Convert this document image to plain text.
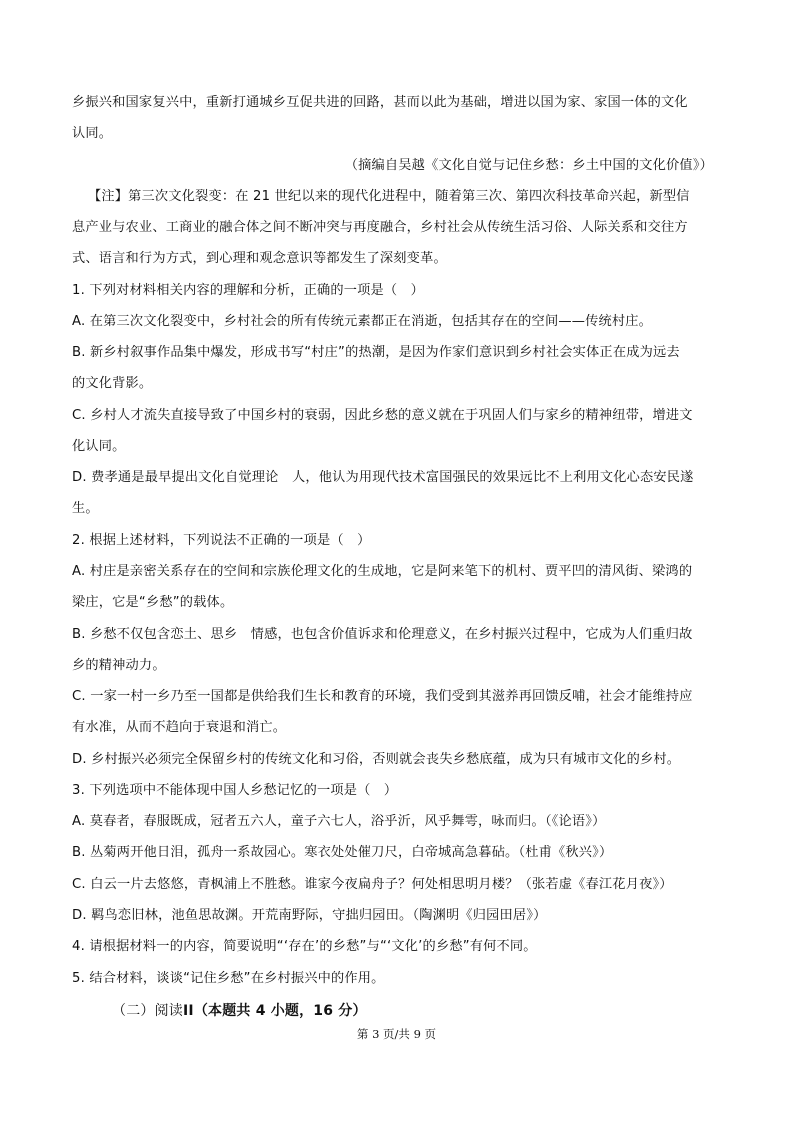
乡振兴和国家复兴中，重新打通城乡互促共进的回路，甚而以此为基础，增进以国为家、家国一体的文化
认同。
（摘编自吴越《文化自觉与记住乡愁：乡土中国的文化价值》）
【注】第三次文化裂变：在 21 世纪以来的现代化进程中，随着第三次、第四次科技革命兴起，新型信
息产业与农业、工商业的融合体之间不断冲突与再度融合，乡村社会从传统生活习俗、人际关系和交往方
式、语言和行为方式，到心理和观念意识等都发生了深刻变革。
1. 下列对材料相关内容的理解和分析，正确的一项是（　）
A. 在第三次文化裂变中，乡村社会的所有传统元素都正在消逝，包括其存在的空间——传统村庄。
B. 新乡村叙事作品集中爆发，形成书写“村庄”的热潮，是因为作家们意识到乡村社会实体正在成为远去
的文化背影。
C. 乡村人才流失直接导致了中国乡村的衰弱，因此乡愁的意义就在于巩固人们与家乡的精神纽带，增进文
化认同。
D. 费孝通是最早提出文化自觉理论　人，他认为用现代技术富国强民的效果远比不上利用文化心态安民遂
生。
2. 根据上述材料，下列说法不正确的一项是（　）
A. 村庄是亲密关系存在的空间和宗族伦理文化的生成地，它是阿来笔下的机村、贾平凹的清风街、梁鸿的
梁庄，它是“乡愁”的载体。
B. 乡愁不仅包含恋土、思乡　情感，也包含价值诉求和伦理意义，在乡村振兴过程中，它成为人们重归故
乡的精神动力。
C. 一家一村一乡乃至一国都是供给我们生长和教育的环境，我们受到其滋养再回馈反哺，社会才能维持应
有水准，从而不趋向于衰退和消亡。
D. 乡村振兴必须完全保留乡村的传统文化和习俗，否则就会丧失乡愁底蕴，成为只有城市文化的乡村。
3. 下列选项中不能体现中国人乡愁记忆的一项是（　）
A. 莫春者，春服既成，冠者五六人，童子六七人，浴乎沂，风乎舞雩，咏而归。（《论语》）
B. 丛菊两开他日泪，孤舟一系故园心。寒衣处处催刀尺，白帝城高急暮砧。（杜甫《秋兴》）
C. 白云一片去悠悠，青枫浦上不胜愁。谁家今夜扁舟子？何处相思明月楼？（张若虚《春江花月夜》）
D. 羁鸟恋旧林，池鱼思故渊。开荒南野际，守拙归园田。（陶渊明《归园田居》）
4. 请根据材料一的内容，简要说明“‘存在’的乡愁”与“‘文化’的乡愁”有何不同。
5. 结合材料，谈谈“记住乡愁”在乡村振兴中的作用。
（二）阅读II（本题共 4 小题，16 分）
第 3 页/共 9 页
